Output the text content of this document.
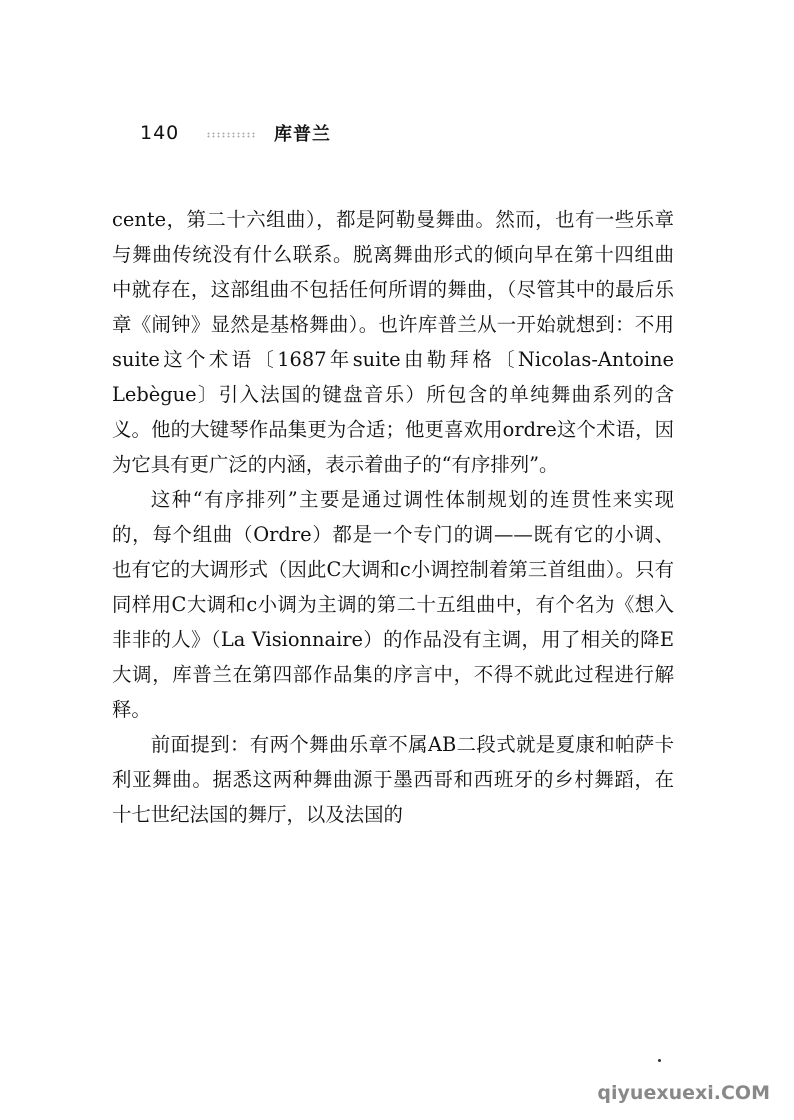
140	库普兰

cente，第二十六组曲），都是阿勒曼舞曲。然而，也有一些乐章与舞曲传统没有什么联系。脱离舞曲形式的倾向早在第十四组曲中就存在，这部组曲不包括任何所谓的舞曲，（尽管其中的最后乐章《闹钟》显然是基格舞曲）。也许库普兰从一开始就想到：不用suite这个术语〔1687年suite由勒拜格〔Nicolas-Antoine Lebègue〕引入法国的键盘音乐）所包含的单纯舞曲系列的含义。他的大键琴作品集更为合适；他更喜欢用ordre这个术语，因为它具有更广泛的内涵，表示着曲子的“有序排列”。

这种“有序排列”主要是通过调性体制规划的连贯性来实现的，每个组曲（Ordre）都是一个专门的调——既有它的小调、也有它的大调形式（因此C大调和c小调控制着第三首组曲）。只有同样用C大调和c小调为主调的第二十五组曲中，有个名为《想入非非的人》（La Visionnaire）的作品没有主调，用了相关的降E大调，库普兰在第四部作品集的序言中，不得不就此过程进行解释。

前面提到：有两个舞曲乐章不属AB二段式就是夏康和帕萨卡利亚舞曲。据悉这两种舞曲源于墨西哥和西班牙的乡村舞蹈，在十七世纪法国的舞厅，以及法国的

qiyuexuexi.COM
